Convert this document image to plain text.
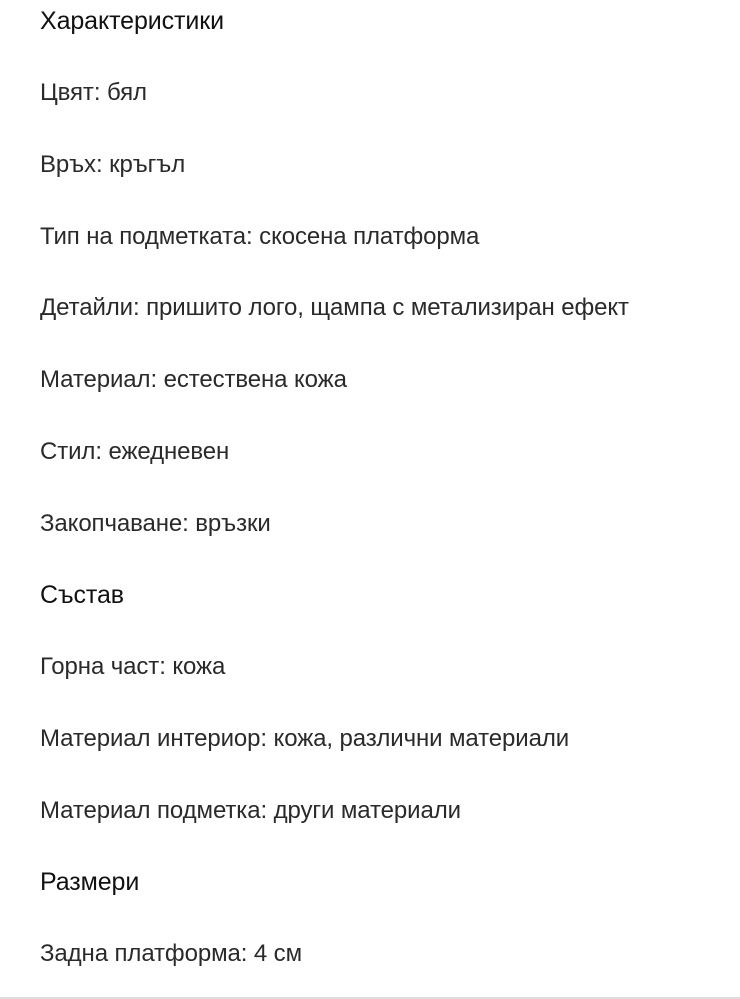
Характеристики
Цвят: бял
Връх: кръгъл
Тип на подметката: скосена платформа
Детайли: пришито лого, щампа с метализиран ефект
Материал: естествена кожа
Стил: ежедневен
Закопчаване: връзки
Състав
Горна част: кожа
Материал интериор: кожа, различни материали
Материал подметка: други материали
Размери
Задна платформа: 4 см
